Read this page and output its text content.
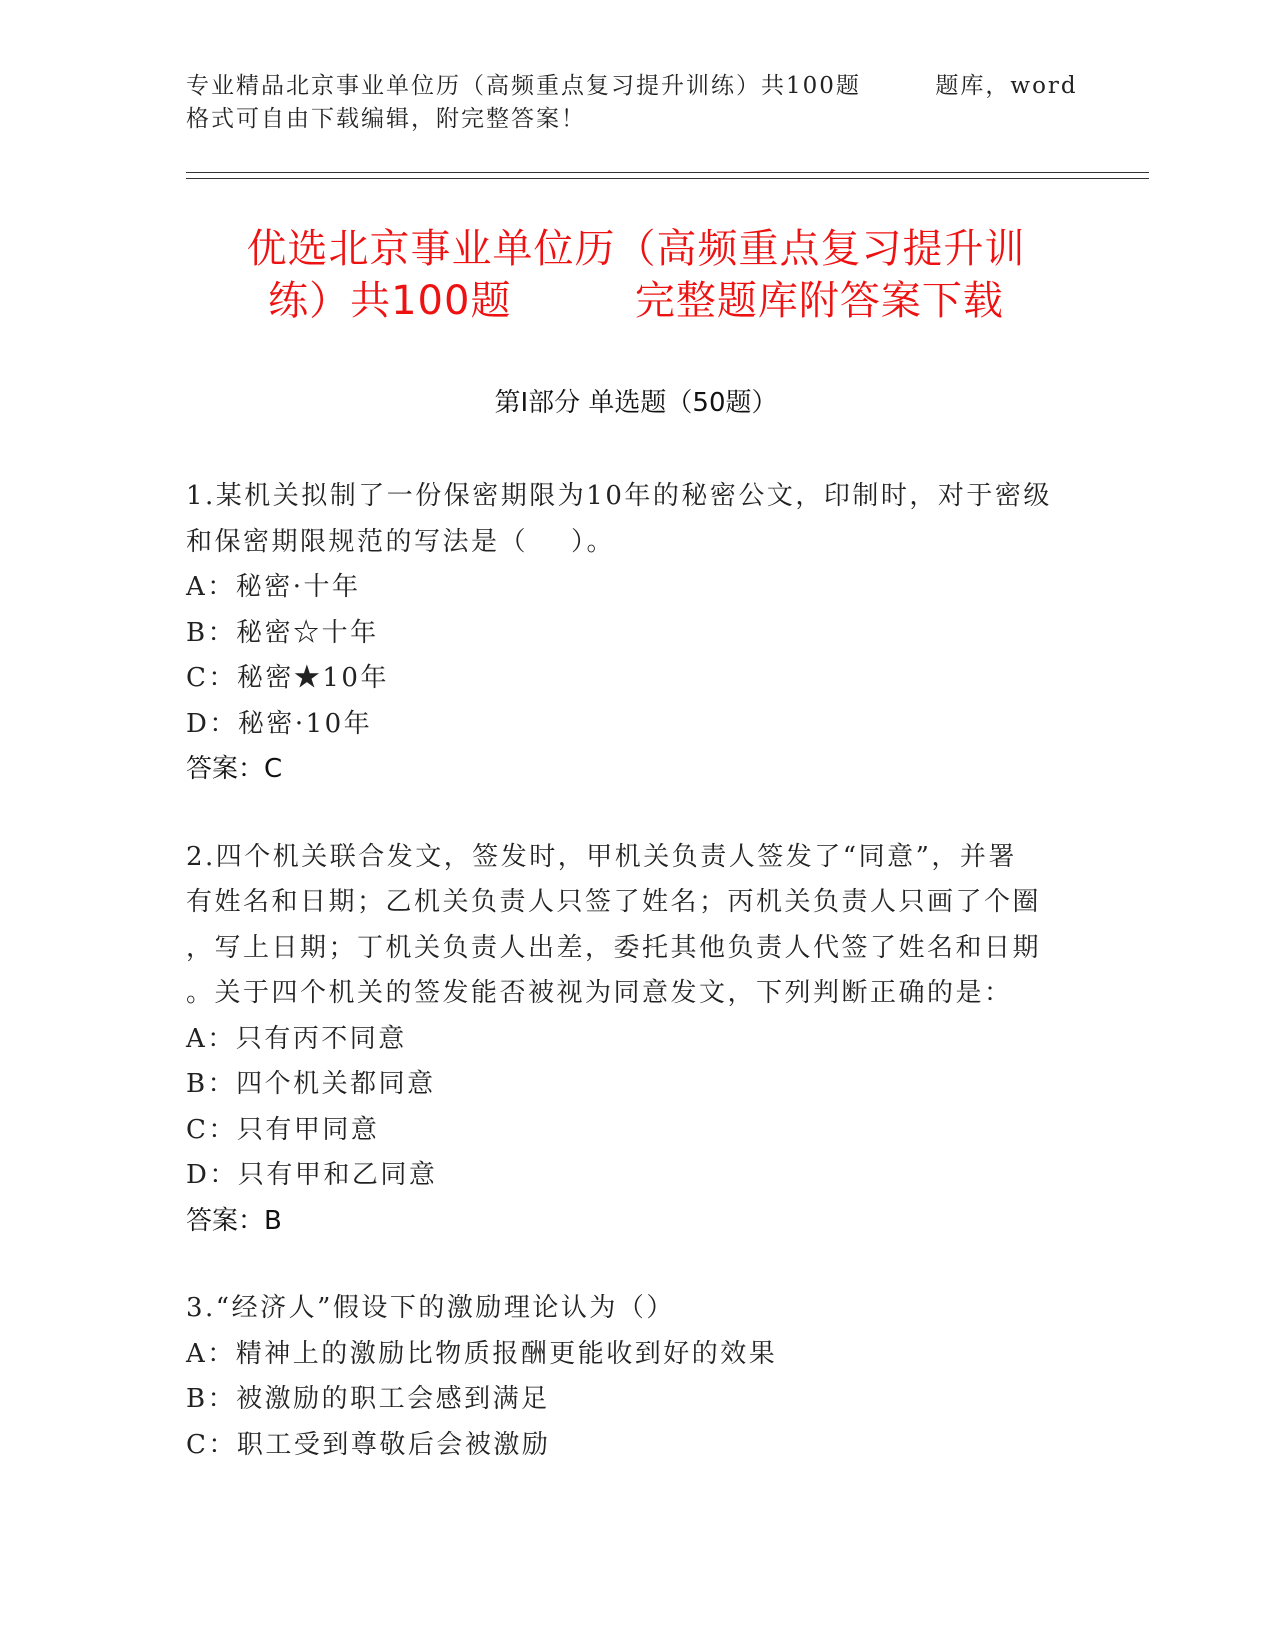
专业精品北京事业单位历（高频重点复习提升训练）共100题        题库，word
格式可自由下载编辑，附完整答案！
优选北京事业单位历（高频重点复习提升训
练）共100题         完整题库附答案下载
第Ⅰ部分 单选题（50题）
1.某机关拟制了一份保密期限为10年的秘密公文，印制时，对于密级
和保密期限规范的写法是（    ）。
A：秘密·十年
B：秘密☆十年
C：秘密★10年
D：秘密·10年
答案：C
2.四个机关联合发文，签发时，甲机关负责人签发了“同意”，并署
有姓名和日期；乙机关负责人只签了姓名；丙机关负责人只画了个圈
，写上日期；丁机关负责人出差，委托其他负责人代签了姓名和日期
。关于四个机关的签发能否被视为同意发文，下列判断正确的是：
A：只有丙不同意
B：四个机关都同意
C：只有甲同意
D：只有甲和乙同意
答案：B
3.“经济人”假设下的激励理论认为（）
A：精神上的激励比物质报酬更能收到好的效果
B：被激励的职工会感到满足
C：职工受到尊敬后会被激励
